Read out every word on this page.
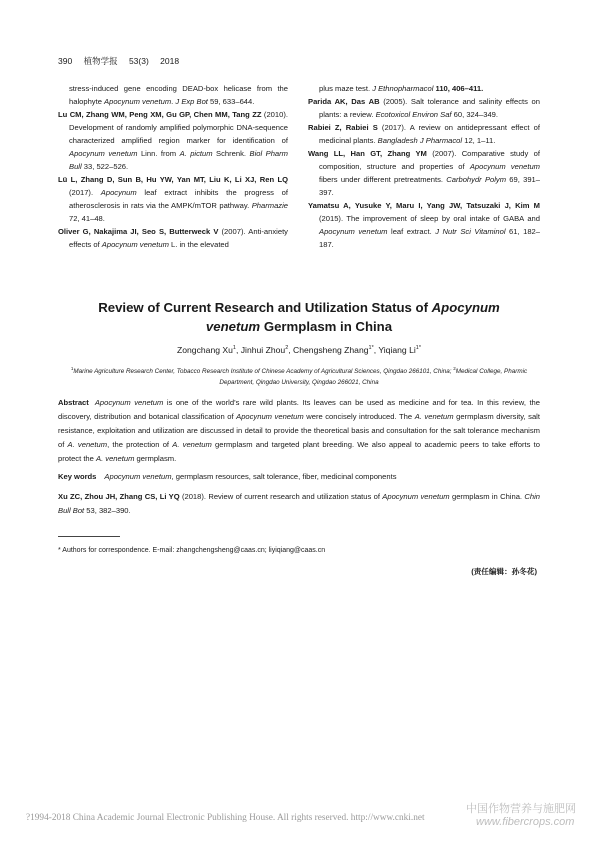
390 植物学报 53(3) 2018
stress-induced gene encoding DEAD-box helicase from the halophyte Apocynum venetum. J Exp Bot 59, 633–644.
Lu CM, Zhang WM, Peng XM, Gu GP, Chen MM, Tang ZZ (2010). Development of randomly amplified polymorphic DNA-sequence characterized amplified region marker for identification of Apocynum venetum Linn. from A. pictum Schrenk. Biol Pharm Bull 33, 522–526.
Lü L, Zhang D, Sun B, Hu YW, Yan MT, Liu K, Li XJ, Ren LQ (2017). Apocynum leaf extract inhibits the progress of atherosclerosis in rats via the AMPK/mTOR pathway. Pharmazie 72, 41–48.
Oliver G, Nakajima JI, Seo S, Butterweck V (2007). Anti-anxiety effects of Apocynum venetum L. in the elevated
plus maze test. J Ethnopharmacol 110, 406–411.
Parida AK, Das AB (2005). Salt tolerance and salinity effects on plants: a review. Ecotoxicol Environ Saf 60, 324–349.
Rabiei Z, Rabiei S (2017). A review on antidepressant effect of medicinal plants. Bangladesh J Pharmacol 12, 1–11.
Wang LL, Han GT, Zhang YM (2007). Comparative study of composition, structure and properties of Apocynum venetum fibers under different pretreatments. Carbohydr Polym 69, 391–397.
Yamatsu A, Yusuke Y, Maru I, Yang JW, Tatsuzaki J, Kim M (2015). The improvement of sleep by oral intake of GABA and Apocynum venetum leaf extract. J Nutr Sci Vitaminol 61, 182–187.
Review of Current Research and Utilization Status of Apocynum
venetum Germplasm in China
Zongchang Xu$^1$, Jinhui Zhou$^2$, Chengsheng Zhang$^{1*}$, Yiqiang $Li^{1*}$
$^1$Marine Agriculture Research Center, Tobacco Research Institute of Chinese Academy of Agricultural Sciences, Qingdao 266101, China; $^2$Medical College, Pharmic Department, Qingdao University, Qingdao 266021, China
Abstract Apocynum venetum is one of the world’s rare wild plants. Its leaves can be used as medicine and for tea. In this review, the discovery, distribution and botanical classification of Apocynum venetum were concisely introduced. The A. venetum germplasm diversity, salt resistance, exploitation and utilization are discussed in detail to provide the theoretical basis and consultation for the salt tolerance mechanism of A. venetum, the protection of A. venetum germplasm and targeted plant breeding. We also appeal to academic peers to take efforts to protect the A. venetum germplasm.
Key words Apocynum venetum, germplasm resources, salt tolerance, fiber, medicinal components
Xu ZC, Zhou JH, Zhang CS, Li YQ (2018). Review of current research and utilization status of Apocynum venetum germplasm in China. Chin Bull Bot 53, 382–390.
* Authors for correspondence. E-mail: zhangchengsheng@caas.cn; liyiqiang@caas.cn
(责任编辑：孙冬花)
?1994-2018 China Academic Journal Electronic Publishing House. All rights reserved. http://www.cnki.net
中国作物营养与施肥网
www.fibercrops.com
